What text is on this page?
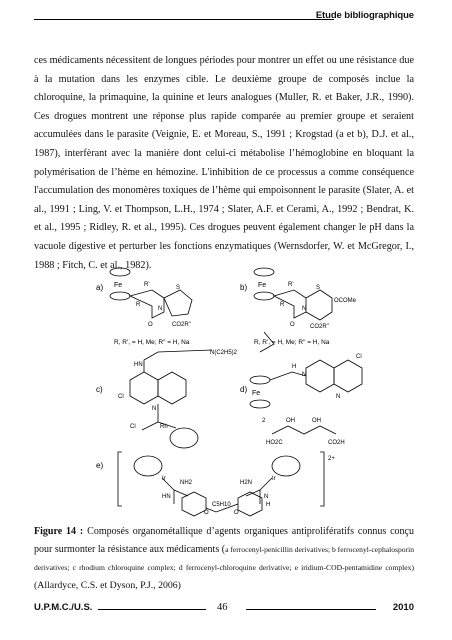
Etude bibliographique

ces médicaments nécessitent de longues périodes pour montrer un effet ou une résistance due à la mutation dans les enzymes cible. Le deuxième groupe de composés inclue la chloroquine, la primaquine, la quinine et leurs analogues (Muller, R. et Baker, J.R., 1990). Ces drogues montrent une réponse plus rapide comparée au premier groupe et seraient accumulées dans le parasite (Veignie, E. et Moreau, S., 1991 ; Krogstad (a et b), D.J. et al., 1987), interfèrant avec la manière dont celui-ci métabolise l’hémoglobine en bloquant la polymérisation de l’hème en hémozine. L'inhibition de ce processus a comme conséquence l'accumulation des monomères toxiques de l’hème qui empoisonnent le parasite (Slater, A. et al., 1991 ; Ling, V. et Thompson, L.H., 1974 ; Slater, A.F. et Cerami, A., 1992 ; Bendrat, K. et al., 1995 ; Ridley, R. et al., 1995). Ces drogues peuvent également changer le pH dans la vacuole digestive et perturber les fonctions enzymatiques (Wernsdorfer, W. et McGregor, I., 1988 ; Fitch, C. et al., 1982).

a)	b)
c)	d)
e)
Fe	Fe
Fe
R'	R'
R	R
S	S
N	N
O	O
CO2R"	CO2R"
OCOMe
R, R', = H, Me; R" = H, Na	R, R', = H, Me; R" = H, Na
HN
N(C2H5)2
Cl
N
Cl	Rh
H
N
Cl
N
2	OH	OH
HO2C	CO2H
Ir	Ir
NH2	H2N
HN	N
H
O
C5H10
O
2+
Figure 14 : Composés organométallique d’agents organiques antiprolifératifs connus conçu pour surmonter la résistance aux médicaments (a ferrocenyl-penicillin derivatives; b ferrocenyl-cephalosporin derivatives; c rhodium chloroquine complex; d ferrocenyl-chloroquine derivative; e iridium-COD-pentamidine complex) (Allardyce, C.S. et Dyson, P.J., 2006)
U.P.M.C./U.S.	46	2010
